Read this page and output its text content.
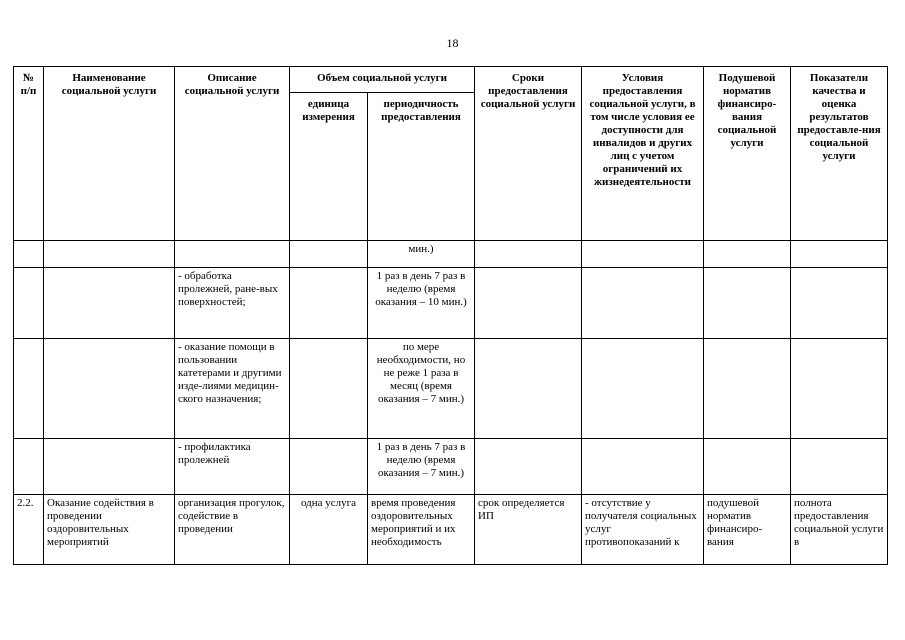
18
№ п/п	Наименование социальной услуги	Описание социальной услуги	Объем социальной услуги		Сроки предоставления социальной услуги	Условия предоставления социальной услуги, в том числе условия ее доступности для инвалидов и других лиц с учетом ограничений их жизнедеятельности	Подушевой норматив финансиро-вания социальной услуги	Показатели качества и оценка результатов предоставле-ния социальной услуги
			единица измерения	периодичность предоставления				
				мин.)				
		- обработка пролежней, ране-вых поверхностей;		1 раз в день 7 раз в неделю (время оказания – 10 мин.)				
		- оказание помощи в пользовании катетерами и другими изде-лиями медицин-ского назначения;		по мере необходимости, но не реже 1 раза в месяц (время оказания – 7 мин.)				
		- профилактика пролежней		1 раз в день 7 раз в неделю (время оказания – 7 мин.)				
2.2.	Оказание содействия в проведении оздоровительных мероприятий	организация прогулок, содействие в проведении	одна услуга	время проведения оздоровительных мероприятий и их необходимость	срок определяется ИП	- отсутствие у получателя социальных услуг противопоказаний к	подушевой норматив финансиро-вания	полнота предоставления социальной услуги в
